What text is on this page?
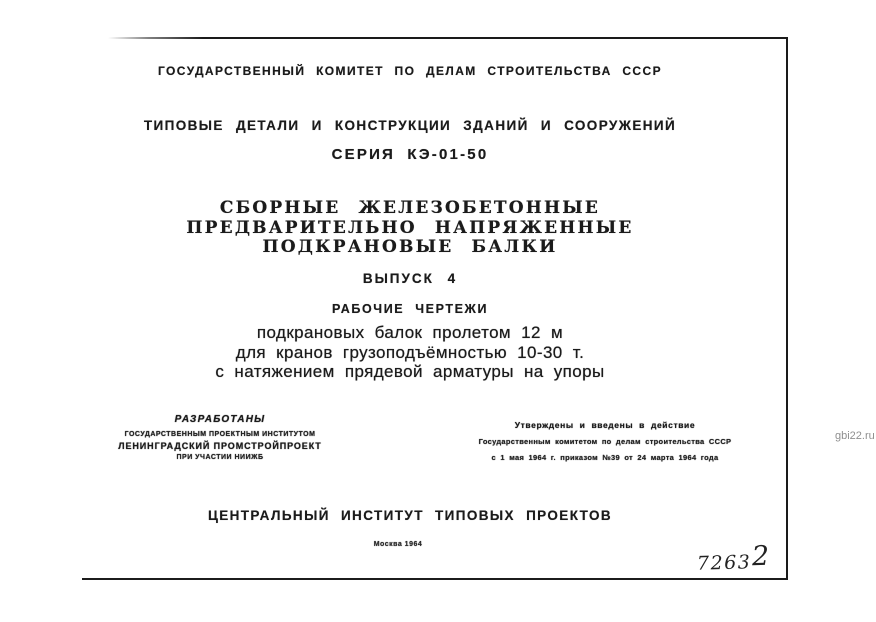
ГОСУДАРСТВЕННЫЙ КОМИТЕТ ПО ДЕЛАМ СТРОИТЕЛЬСТВА СССР
ТИПОВЫЕ ДЕТАЛИ И КОНСТРУКЦИИ ЗДАНИЙ И СООРУЖЕНИЙ
СЕРИЯ КЭ-01-50
СБОРНЫЕ ЖЕЛЕЗОБЕТОННЫЕ
ПРЕДВАРИТЕЛЬНО НАПРЯЖЕННЫЕ
ПОДКРАНОВЫЕ БАЛКИ
ВЫПУСК 4
РАБОЧИЕ ЧЕРТЕЖИ
подкрановых балок пролетом 12 м
для кранов грузоподъёмностью 10-30 т.
с натяжением прядевой арматуры на упоры
РАЗРАБОТАНЫ
ГОСУДАРСТВЕННЫМ ПРОЕКТНЫМ ИНСТИТУТОМ
ЛЕНИНГРАДСКИЙ ПРОМСТРОЙПРОЕКТ
ПРИ УЧАСТИИ НИИЖБ
Утверждены и введены в действие
Государственным комитетом по делам строительства СССР
с 1 мая 1964 г. приказом №39 от 24 марта 1964 года
ЦЕНТРАЛЬНЫЙ ИНСТИТУТ ТИПОВЫХ ПРОЕКТОВ
Москва 1964
7263 2
gbi22.ru
